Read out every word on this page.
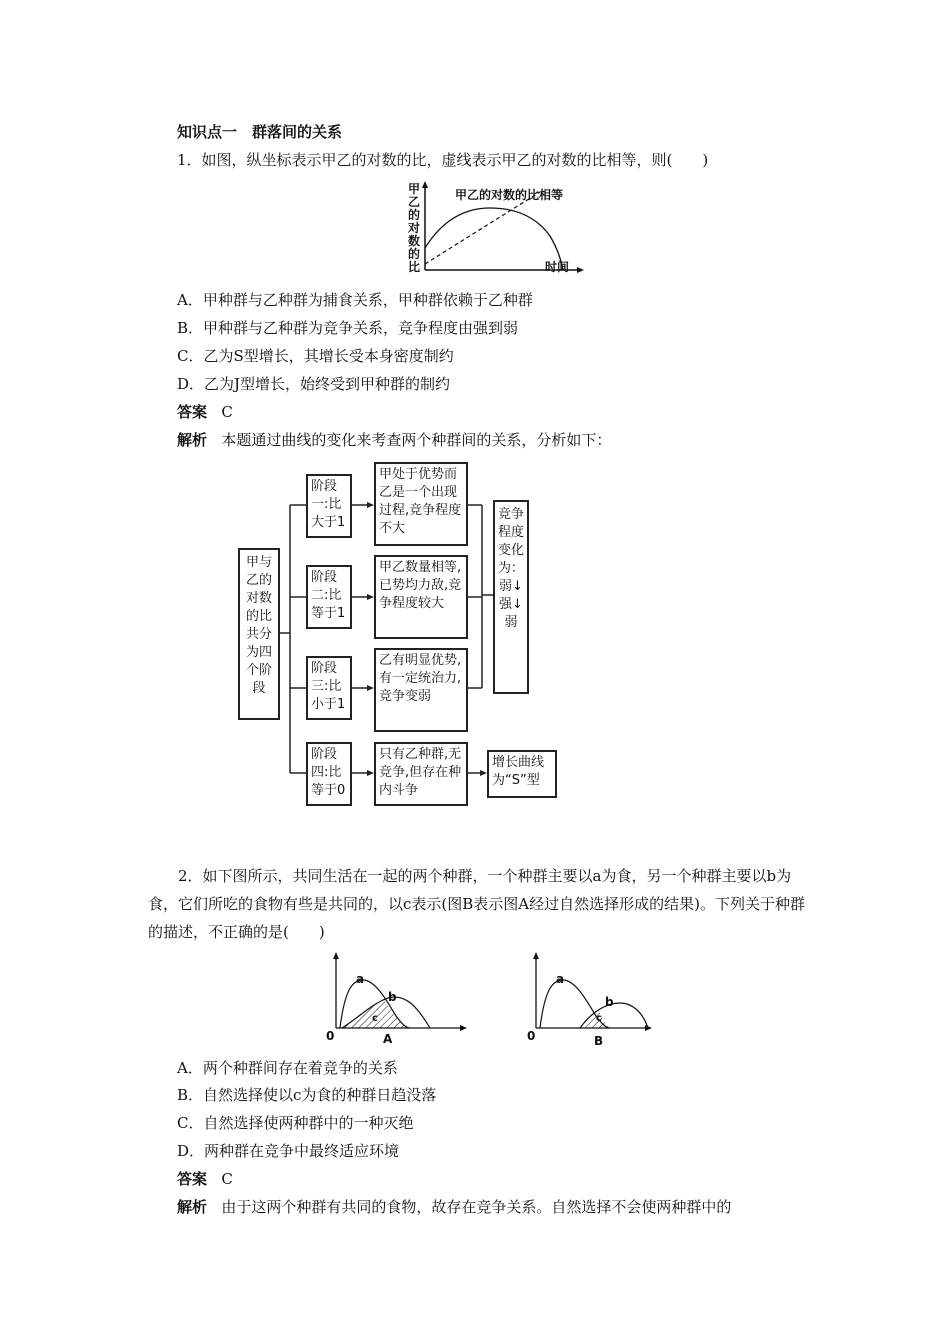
知识点一　群落间的关系
1．如图，纵坐标表示甲乙的对数的比，虚线表示甲乙的对数的比相等，则(　　)
甲乙的对数的比
甲乙的对数的比相等
时间
A．甲种群与乙种群为捕食关系，甲种群依赖于乙种群
B．甲种群与乙种群为竞争关系，竞争程度由强到弱
C．乙为S型增长，其增长受本身密度制约
D．乙为J型增长，始终受到甲种群的制约
答案 C
解析 本题通过曲线的变化来考查两个种群间的关系，分析如下：
甲与乙的对数的比共分为四个阶段
阶段一:比大于1
阶段二:比等于1
阶段三:比小于1
阶段四:比等于0
甲处于优势而乙是一个出现过程,竞争程度不大
甲乙数量相等,已势均力敌,竞争程度较大
乙有明显优势,有一定统治力,竞争变弱
只有乙种群,无竞争,但存在种内斗争
竞争程度变化为：弱↓强↓弱
增长曲线为“S”型
2．如下图所示，共同生活在一起的两个种群，一个种群主要以a为食，另一个种群主要以b为食，它们所吃的食物有些是共同的，以c表示(图B表示图A经过自然选择形成的结果)。下列关于种群的描述，不正确的是(　　)
0
a
b
c
A	0
a
b
c
B
A．两个种群间存在着竞争的关系
B．自然选择使以c为食的种群日趋没落
C．自然选择使两种群中的一种灭绝
D．两种群在竞争中最终适应环境
答案 C
解析 由于这两个种群有共同的食物，故存在竞争关系。自然选择不会使两种群中的
